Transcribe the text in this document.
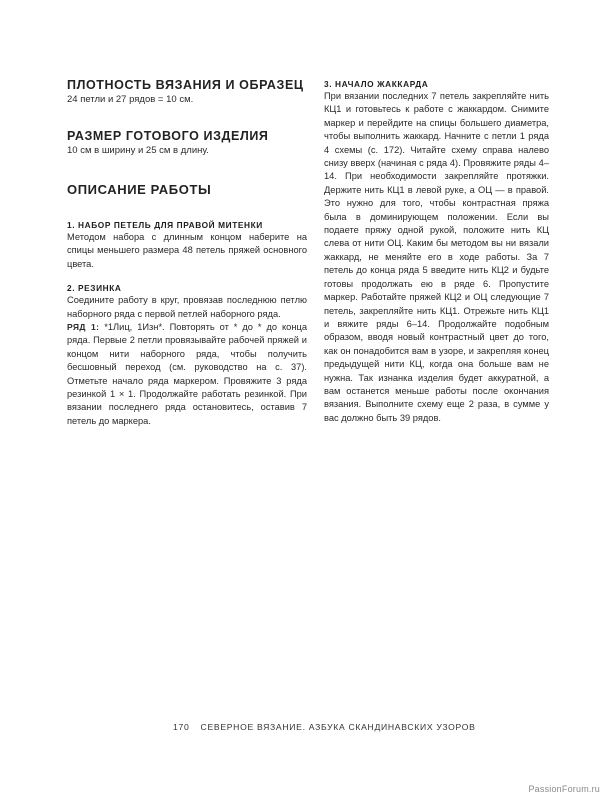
ПЛОТНОСТЬ ВЯЗАНИЯ И ОБРАЗЕЦ

24 петли и 27 рядов = 10 см.

РАЗМЕР ГОТОВОГО ИЗДЕЛИЯ

10 см в ширину и 25 см в длину.

ОПИСАНИЕ РАБОТЫ
1. НАБОР ПЕТЕЛЬ ДЛЯ ПРАВОЙ МИТЕНКИ

Методом набора с длинным концом наберите на спицы меньшего размера 48 петель пряжей основного цвета.

2. РЕЗИНКА

Соедините работу в круг, провязав последнюю петлю наборного ряда с первой петлей наборного ряда.

РЯД 1: *1Лиц, 1Изн*. Повторять от * до * до конца ряда. Первые 2 петли провязывайте рабочей пряжей и концом нити наборного ряда, чтобы получить бесшовный переход (см. руководство на с. 37). Отметьте начало ряда маркером. Провяжите 3 ряда резинкой 1 × 1. Продолжайте работать резинкой. При вязании последнего ряда остановитесь, оставив 7 петель до маркера.

3. НАЧАЛО ЖАККАРДА

При вязании последних 7 петель закрепляйте нить КЦ1 и готовьтесь к работе с жаккардом. Снимите маркер и перейдите на спицы большего диаметра, чтобы выполнить жаккард. Начните с петли 1 ряда 4 схемы (с. 172). Читайте схему справа налево снизу вверх (начиная с ряда 4). Провяжите ряды 4–14. При необходимости закрепляйте протяжки. Держите нить КЦ1 в левой руке, а ОЦ — в правой. Это нужно для того, чтобы контрастная пряжа была в доминирующем положении. Если вы подаете пряжу одной рукой, положите нить КЦ слева от нити ОЦ. Каким бы методом вы ни вязали жаккард, не меняйте его в ходе работы. За 7 петель до конца ряда 5 введите нить КЦ2 и будьте готовы продолжать ею в ряде 6. Пропустите маркер. Работайте пряжей КЦ2 и ОЦ следующие 7 петель, закрепляйте нить КЦ1. Отрежьте нить КЦ1 и вяжите ряды 6–14. Продолжайте подобным образом, вводя новый контрастный цвет до того, как он понадобится вам в узоре, и закрепляя конец предыдущей нити КЦ, когда она больше вам не нужна. Так изнанка изделия будет аккуратной, а вам останется меньше работы после окончания вязания. Выполните схему еще 2 раза, в сумме у вас должно быть 39 рядов.

170 СЕВЕРНОЕ ВЯЗАНИЕ. АЗБУКА СКАНДИНАВСКИХ УЗОРОВ
PassionForum.ru
